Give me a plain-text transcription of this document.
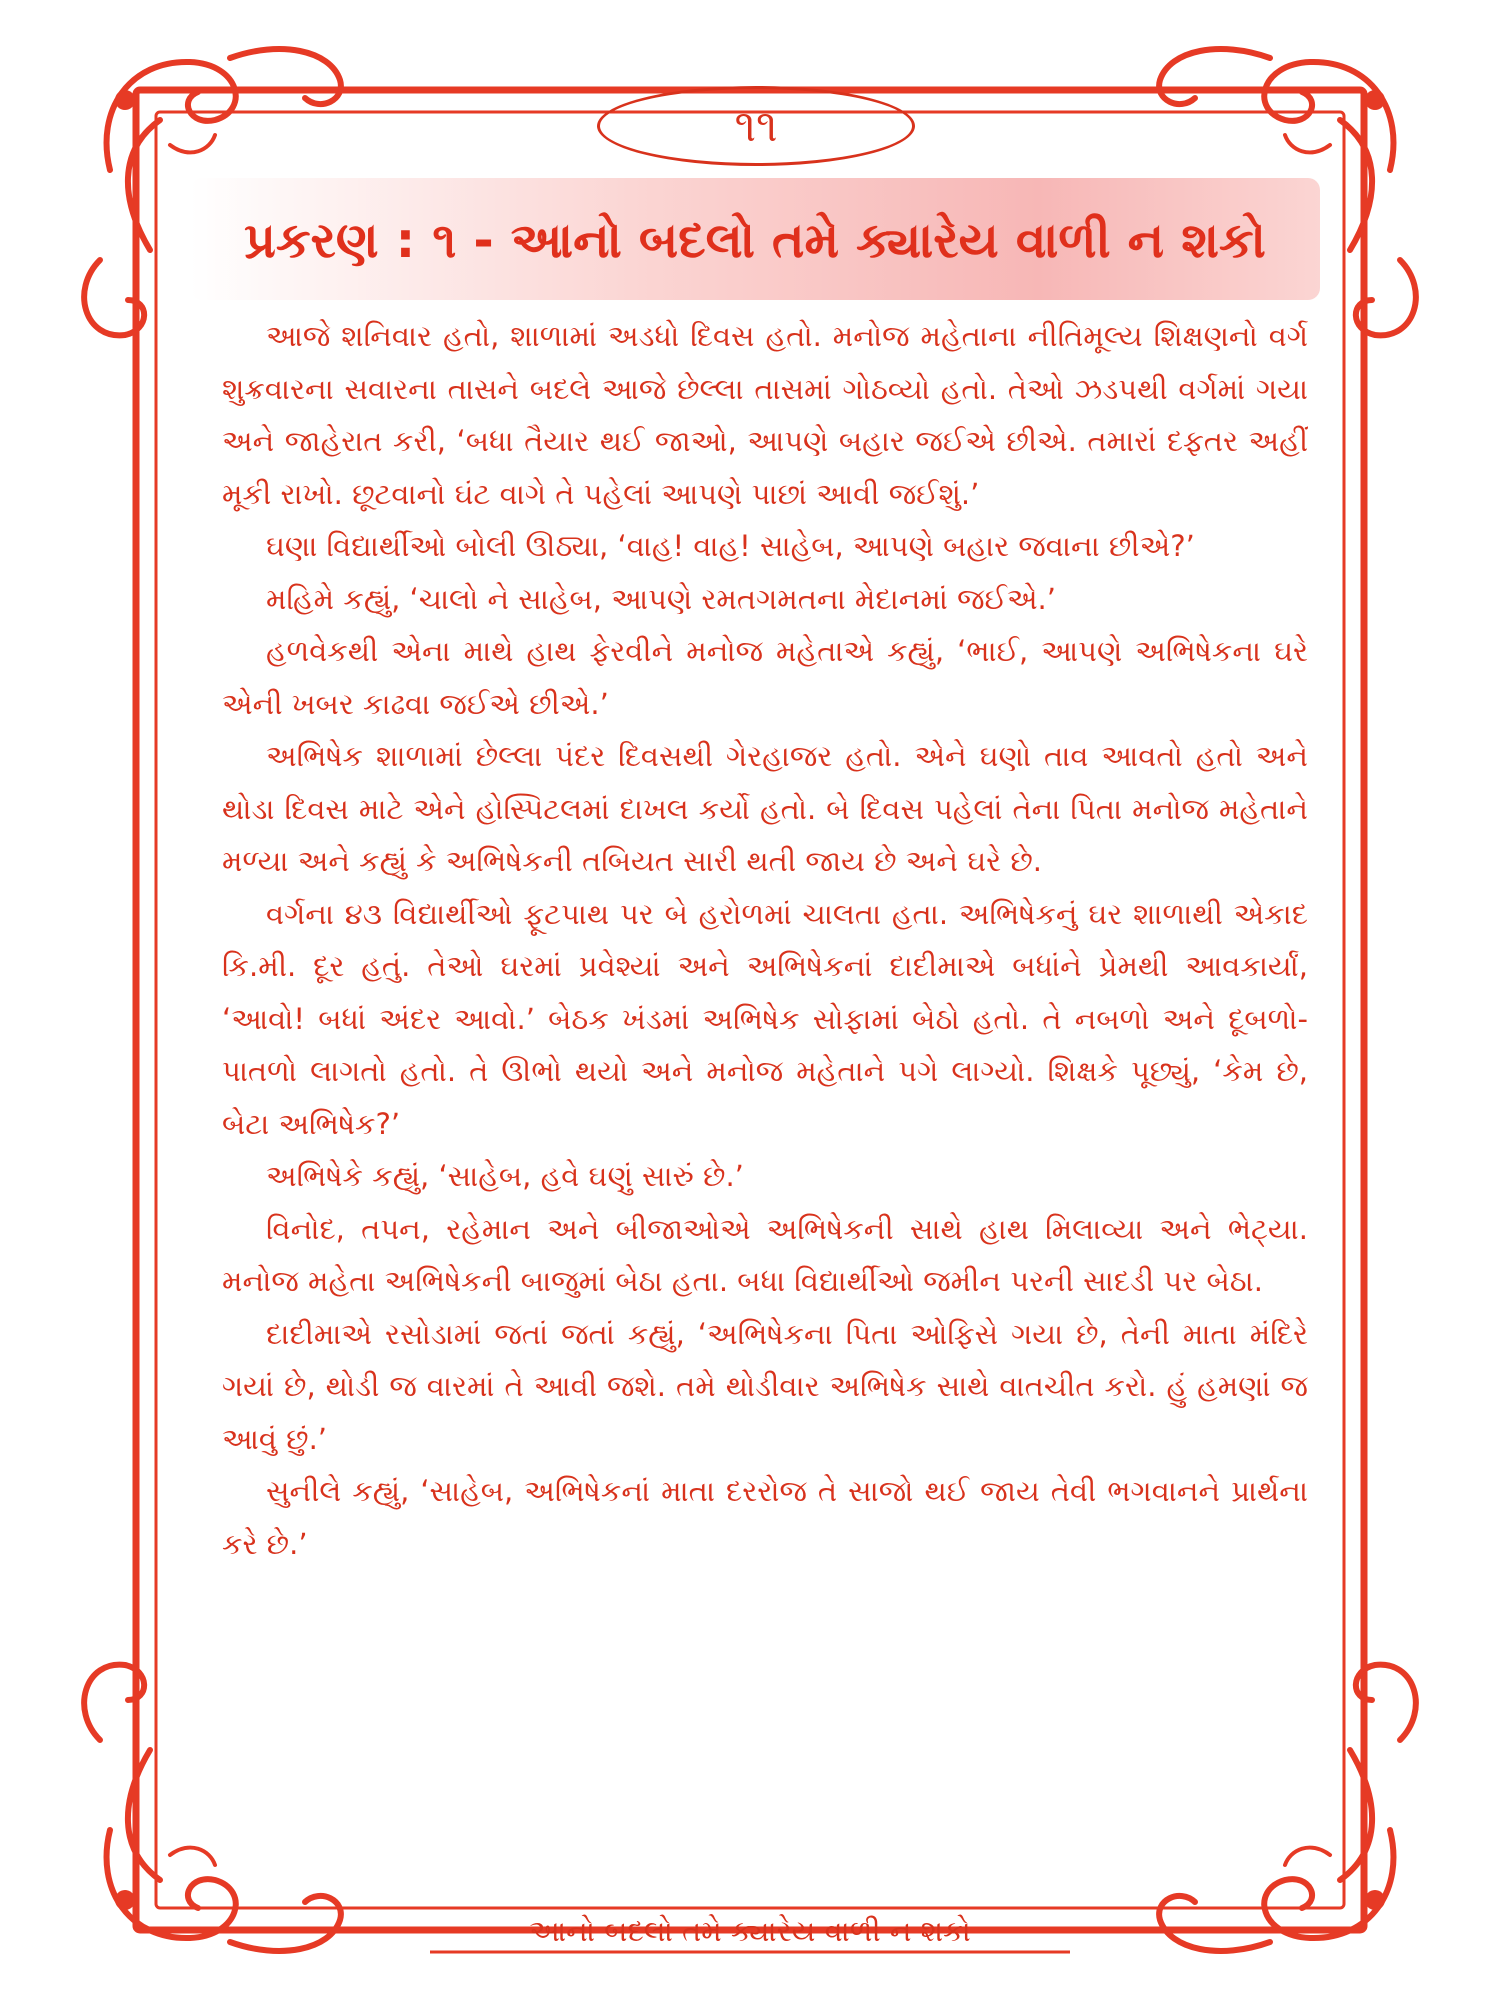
૧૧
પ્રકરણ : ૧ - આનો બદલો તમે ક્યારેય વાળી ન શકો

આજે શનિવાર હતો, શાળામાં અડધો દિવસ હતો. મનોજ મહેતાના નીતિમૂલ્ય શિક્ષણનો વર્ગ શુક્રવારના સવારના તાસને બદલે આજે છેલ્લા તાસમાં ગોઠવ્યો હતો. તેઓ ઝડપથી વર્ગમાં ગયા અને જાહેરાત કરી, ‘બધા તૈયાર થઈ જાઓ, આપણે બહાર જઈએ છીએ. તમારાં દફતર અહીં મૂકી રાખો. છૂટવાનો ઘંટ વાગે તે પહેલાં આપણે પાછાં આવી જઈશું.’

ઘણા વિદ્યાર્થીઓ બોલી ઊઠ્યા, ‘વાહ! વાહ! સાહેબ, આપણે બહાર જવાના છીએ?’

મહિમે કહ્યું, ‘ચાલો ને સાહેબ, આપણે રમતગમતના મેદાનમાં જઈએ.’

હળવેકથી એના માથે હાથ ફેરવીને મનોજ મહેતાએ કહ્યું, ‘ભાઈ, આપણે અભિષેકના ઘરે એની ખબર કાઢવા જઈએ છીએ.’

અભિષેક શાળામાં છેલ્લા પંદર દિવસથી ગેરહાજર હતો. એને ઘણો તાવ આવતો હતો અને થોડા દિવસ માટે એને હોસ્પિટલમાં દાખલ કર્યો હતો. બે દિવસ પહેલાં તેના પિતા મનોજ મહેતાને મળ્યા અને કહ્યું કે અભિષેકની તબિયત સારી થતી જાય છે અને ઘરે છે.

વર્ગના ૪૩ વિદ્યાર્થીઓ ફૂટપાથ પર બે હરોળમાં ચાલતા હતા. અભિષેકનું ઘર શાળાથી એકાદ કિ.મી. દૂર હતું. તેઓ ઘરમાં પ્રવેશ્યાં અને અભિષેકનાં દાદીમાએ બધાંને પ્રેમથી આવકાર્યાં, ‘આવો! બધાં અંદર આવો.’ બેઠક ખંડમાં અભિષેક સોફામાં બેઠો હતો. તે નબળો અને દૂબળો-પાતળો લાગતો હતો. તે ઊભો થયો અને મનોજ મહેતાને પગે લાગ્યો. શિક્ષકે પૂછ્યું, ‘કેમ છે, બેટા અભિષેક?’

અભિષેકે કહ્યું, ‘સાહેબ, હવે ઘણું સારું છે.’

વિનોદ, તપન, રહેમાન અને બીજાઓએ અભિષેકની સાથે હાથ મિલાવ્યા અને ભેટ્યા. મનોજ મહેતા અભિષેકની બાજુમાં બેઠા હતા. બધા વિદ્યાર્થીઓ જમીન પરની સાદડી પર બેઠા.

દાદીમાએ રસોડામાં જતાં જતાં કહ્યું, ‘અભિષેકના પિતા ઓફિસે ગયા છે, તેની માતા મંદિરે ગયાં છે, થોડી જ વારમાં તે આવી જશે. તમે થોડીવાર અભિષેક સાથે વાતચીત કરો. હું હમણાં જ આવું છું.’

સુનીલે કહ્યું, ‘સાહેબ, અભિષેકનાં માતા દરરોજ તે સાજો થઈ જાય તેવી ભગવાનને પ્રાર્થના કરે છે.’

આનો બદલો તમે ક્યારેય વાળી ન શકો
